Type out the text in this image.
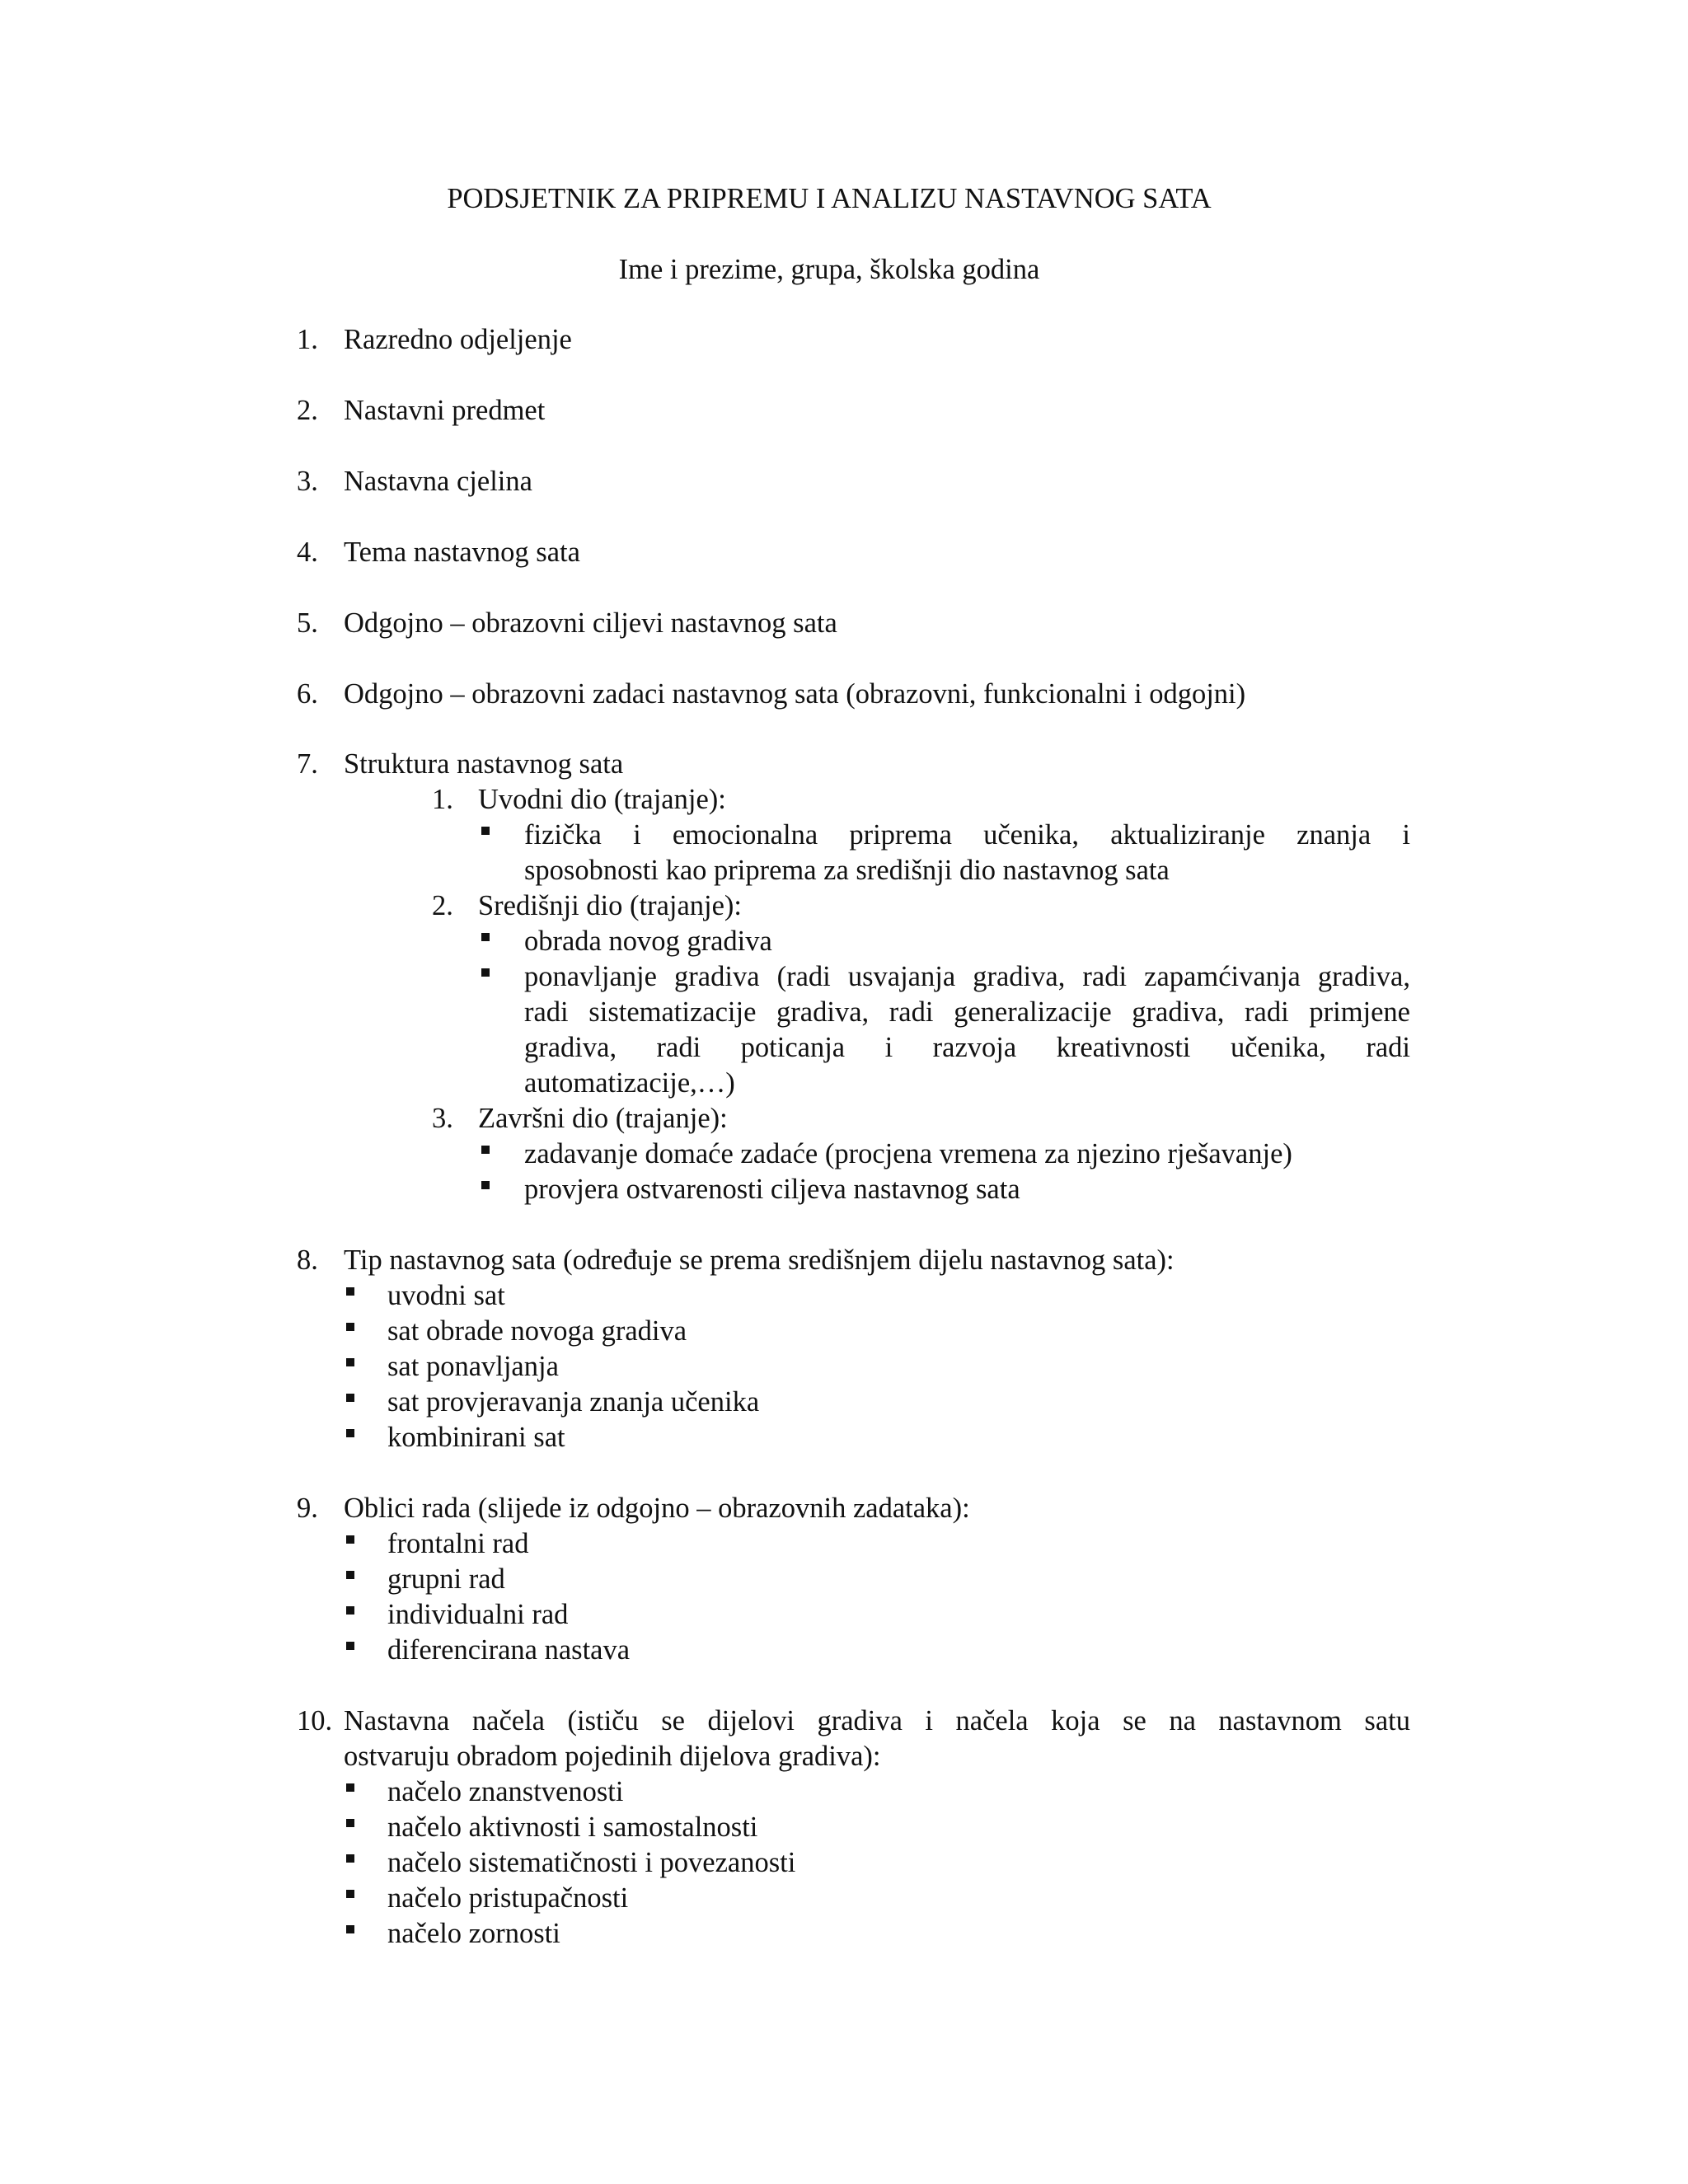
PODSJETNIK ZA PRIPREMU I ANALIZU NASTAVNOG SATA
Ime i prezime, grupa, školska godina
1. Razredno odjeljenje
2. Nastavni predmet
3. Nastavna cjelina
4. Tema nastavnog sata
5. Odgojno – obrazovni ciljevi nastavnog sata
6. Odgojno – obrazovni zadaci nastavnog sata (obrazovni, funkcionalni i odgojni)
7. Struktura nastavnog sata
1. Uvodni dio (trajanje):
fizička i emocionalna priprema učenika, aktualiziranje znanja i
sposobnosti kao priprema za središnji dio nastavnog sata
2. Središnji dio (trajanje):
obrada novog gradiva
ponavljanje gradiva (radi usvajanja gradiva, radi zapamćivanja gradiva,
radi sistematizacije gradiva, radi generalizacije gradiva, radi primjene
gradiva, radi poticanja i razvoja kreativnosti učenika, radi
automatizacije,…)
3. Završni dio (trajanje):
zadavanje domaće zadaće (procjena vremena za njezino rješavanje)
provjera ostvarenosti ciljeva nastavnog sata
8. Tip nastavnog sata (određuje se prema središnjem dijelu nastavnog sata):
uvodni sat
sat obrade novoga gradiva
sat ponavljanja
sat provjeravanja znanja učenika
kombinirani sat
9. Oblici rada (slijede iz odgojno – obrazovnih zadataka):
frontalni rad
grupni rad
individualni rad
diferencirana nastava
10. Nastavna načela (ističu se dijelovi gradiva i načela koja se na nastavnom satu
ostvaruju obradom pojedinih dijelova gradiva):
načelo znanstvenosti
načelo aktivnosti i samostalnosti
načelo sistematičnosti i povezanosti
načelo pristupačnosti
načelo zornosti
